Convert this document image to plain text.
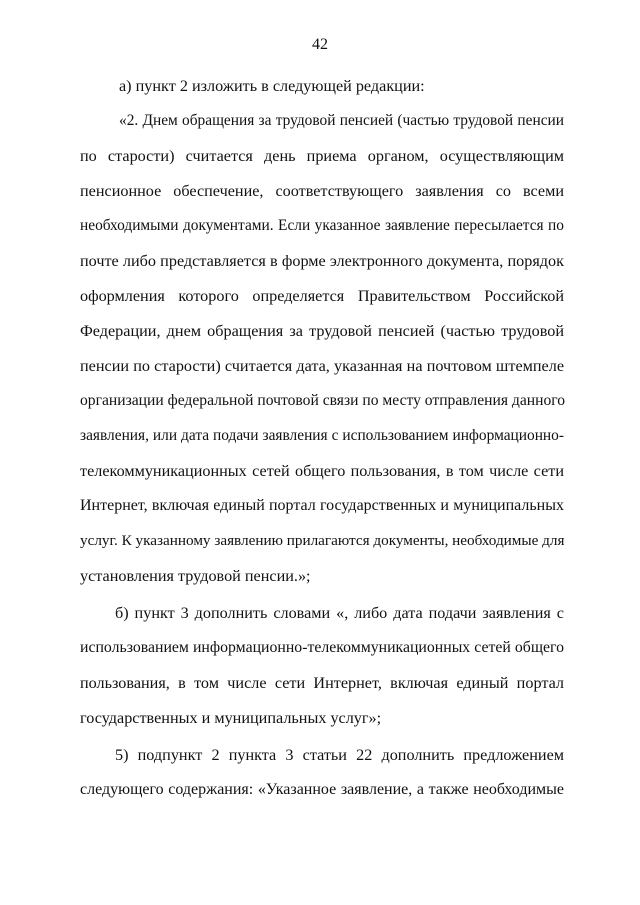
42
а) пункт 2 изложить в следующей редакции:
«2. Днем обращения за трудовой пенсией (частью трудовой пенсии
по старости) считается день приема органом, осуществляющим
пенсионное обеспечение, соответствующего заявления со всеми
необходимыми документами. Если указанное заявление пересылается по
почте либо представляется в форме электронного документа, порядок
оформления которого определяется Правительством Российской
Федерации, днем обращения за трудовой пенсией (частью трудовой
пенсии по старости) считается дата, указанная на почтовом штемпеле
организации федеральной почтовой связи по месту отправления данного
заявления, или дата подачи заявления с использованием информационно-
телекоммуникационных сетей общего пользования, в том числе сети
Интернет, включая единый портал государственных и муниципальных
услуг. К указанному заявлению прилагаются документы, необходимые для
установления трудовой пенсии.»;
б) пункт 3 дополнить словами «, либо дата подачи заявления с
использованием информационно-телекоммуникационных сетей общего
пользования, в том числе сети Интернет, включая единый портал
государственных и муниципальных услуг»;
5) подпункт 2 пункта 3 статьи 22 дополнить предложением
следующего содержания: «Указанное заявление, а также необходимые
